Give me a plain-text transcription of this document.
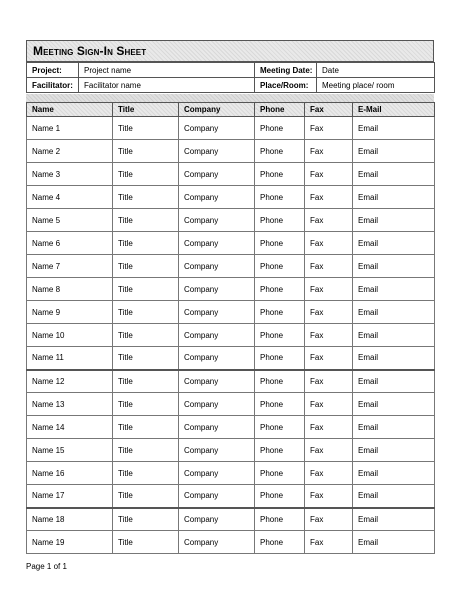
Meeting Sign-In Sheet
Project:	Project name	Meeting Date:	Date
Facilitator:	Facilitator name	Place/Room:	Meeting place/ room
Name	Title	Company	Phone	Fax	E-Mail
Name 1	Title	Company	Phone	Fax	Email
Name 2	Title	Company	Phone	Fax	Email
Name 3	Title	Company	Phone	Fax	Email
Name 4	Title	Company	Phone	Fax	Email
Name 5	Title	Company	Phone	Fax	Email
Name 6	Title	Company	Phone	Fax	Email
Name 7	Title	Company	Phone	Fax	Email
Name 8	Title	Company	Phone	Fax	Email
Name 9	Title	Company	Phone	Fax	Email
Name 10	Title	Company	Phone	Fax	Email
Name 11	Title	Company	Phone	Fax	Email
Name 12	Title	Company	Phone	Fax	Email
Name 13	Title	Company	Phone	Fax	Email
Name 14	Title	Company	Phone	Fax	Email
Name 15	Title	Company	Phone	Fax	Email
Name 16	Title	Company	Phone	Fax	Email
Name 17	Title	Company	Phone	Fax	Email
Name 18	Title	Company	Phone	Fax	Email
Name 19	Title	Company	Phone	Fax	Email
Page 1 of 1
